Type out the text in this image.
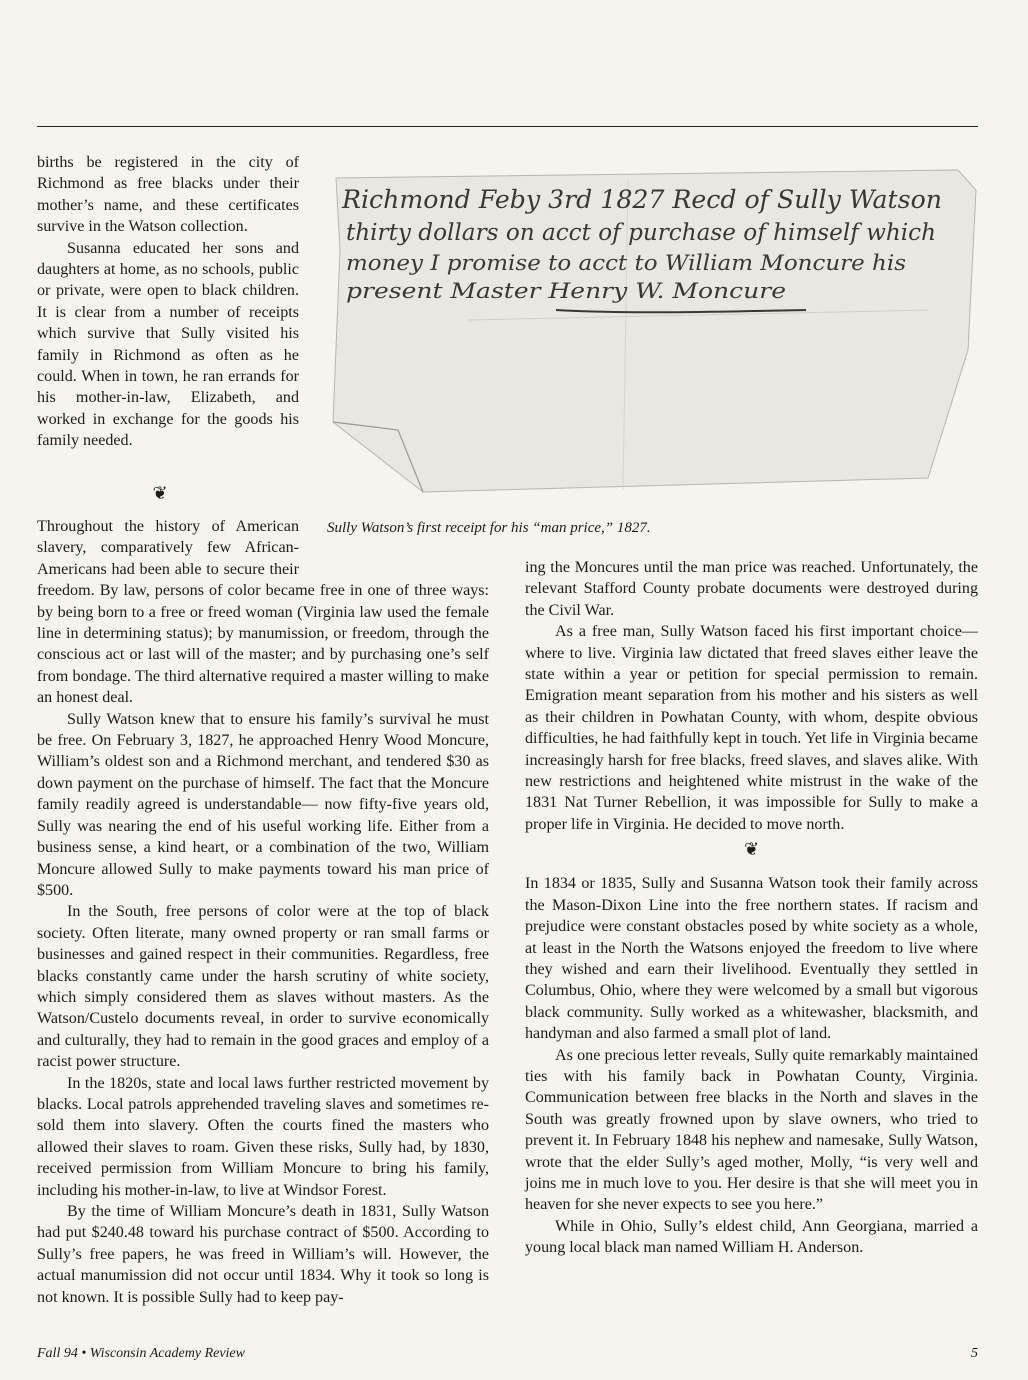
births be registered in the city of Richmond as free blacks under their mother’s name, and these certificates survive in the Watson collection.

Susanna educated her sons and daughters at home, as no schools, public or private, were open to black children. It is clear from a number of receipts which survive that Sully visited his family in Richmond as often as he could. When in town, he ran errands for his mother-in-law, Elizabeth, and worked in exchange for the goods his family needed.

❦
Richmond Feby 3rd 1827 Recd of Sully Watson
thirty dollars on acct of purchase of himself which
money I promise to acct to William Moncure his
present Master Henry W. Moncure
Sully Watson’s first receipt for his “man price,” 1827.

Throughout the history of American slavery, comparatively few African-Americans had been able to secure their freedom. By law, persons of color became free in one of three ways: by being born to a free or freed woman (Virginia law used the female line in determining status); by manumission, or freedom, through the conscious act or last will of the master; and by purchasing one’s self from bondage. The third alternative required a master willing to make an honest deal.

Sully Watson knew that to ensure his family’s survival he must be free. On February 3, 1827, he approached Henry Wood Moncure, William’s oldest son and a Richmond merchant, and tendered $30 as down payment on the purchase of himself. The fact that the Moncure family readily agreed is understandable— now fifty-five years old, Sully was nearing the end of his useful working life. Either from a business sense, a kind heart, or a combination of the two, William Moncure allowed Sully to make payments toward his man price of $500.

In the South, free persons of color were at the top of black society. Often literate, many owned property or ran small farms or businesses and gained respect in their communities. Regardless, free blacks constantly came under the harsh scrutiny of white society, which simply considered them as slaves without masters. As the Watson/Custelo documents reveal, in order to survive economically and culturally, they had to remain in the good graces and employ of a racist power structure.

In the 1820s, state and local laws further restricted movement by blacks. Local patrols apprehended traveling slaves and sometimes re-sold them into slavery. Often the courts fined the masters who allowed their slaves to roam. Given these risks, Sully had, by 1830, received permission from William Moncure to bring his family, including his mother-in-law, to live at Windsor Forest.

By the time of William Moncure’s death in 1831, Sully Watson had put $240.48 toward his purchase contract of $500. According to Sully’s free papers, he was freed in William’s will. However, the actual manumission did not occur until 1834. Why it took so long is not known. It is possible Sully had to keep pay-

ing the Moncures until the man price was reached. Unfortunately, the relevant Stafford County probate documents were destroyed during the Civil War.

As a free man, Sully Watson faced his first important choice— where to live. Virginia law dictated that freed slaves either leave the state within a year or petition for special permission to remain. Emigration meant separation from his mother and his sisters as well as their children in Powhatan County, with whom, despite obvious difficulties, he had faithfully kept in touch. Yet life in Virginia became increasingly harsh for free blacks, freed slaves, and slaves alike. With new restrictions and heightened white mistrust in the wake of the 1831 Nat Turner Rebellion, it was impossible for Sully to make a proper life in Virginia. He decided to move north.

❦

In 1834 or 1835, Sully and Susanna Watson took their family across the Mason-Dixon Line into the free northern states. If racism and prejudice were constant obstacles posed by white society as a whole, at least in the North the Watsons enjoyed the freedom to live where they wished and earn their livelihood. Eventually they settled in Columbus, Ohio, where they were welcomed by a small but vigorous black community. Sully worked as a whitewasher, blacksmith, and handyman and also farmed a small plot of land.

As one precious letter reveals, Sully quite remarkably maintained ties with his family back in Powhatan County, Virginia. Communication between free blacks in the North and slaves in the South was greatly frowned upon by slave owners, who tried to prevent it. In February 1848 his nephew and namesake, Sully Watson, wrote that the elder Sully’s aged mother, Molly, “is very well and joins me in much love to you. Her desire is that she will meet you in heaven for she never expects to see you here.”

While in Ohio, Sully’s eldest child, Ann Georgiana, married a young local black man named William H. Anderson.

Fall 94 • Wisconsin Academy Review	5
